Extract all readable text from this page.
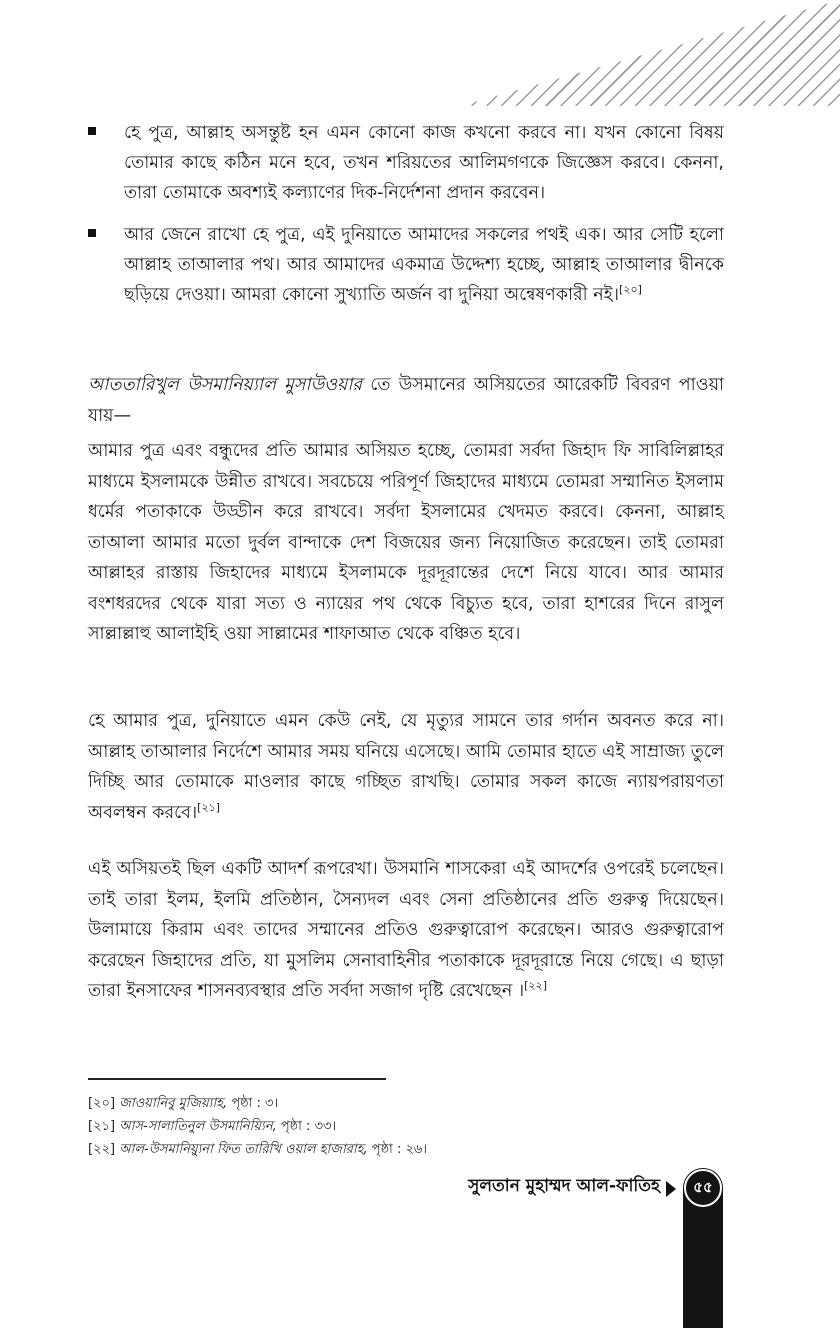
হে পুত্র, আল্লাহ অসন্তুষ্ট হন এমন কোনো কাজ কখনো করবে না। যখন কোনো বিষয় তোমার কাছে কঠিন মনে হবে, তখন শরিয়তের আলিমগণকে জিজ্ঞেস করবে। কেননা, তারা তোমাকে অবশ্যই কল্যাণের দিক-নির্দেশনা প্রদান করবেন।
আর জেনে রাখো হে পুত্র, এই দুনিয়াতে আমাদের সকলের পথই এক। আর সেটি হলো আল্লাহ তাআলার পথ। আর আমাদের একমাত্র উদ্দেশ্য হচ্ছে, আল্লাহ তাআলার দ্বীনকে ছড়িয়ে দেওয়া। আমরা কোনো সুখ্যাতি অর্জন বা দুনিয়া অন্বেষণকারী নই।[২০]
আততারিখুল উসমানিয়্যাল মুসাউওয়ার তে উসমানের অসিয়তের আরেকটি বিবরণ পাওয়া যায়—
আমার পুত্র এবং বন্ধুদের প্রতি আমার অসিয়ত হচ্ছে, তোমরা সর্বদা জিহাদ ফি সাবিলিল্লাহর মাধ্যমে ইসলামকে উন্নীত রাখবে। সবচেয়ে পরিপূর্ণ জিহাদের মাধ্যমে তোমরা সম্মানিত ইসলাম ধর্মের পতাকাকে উড্ডীন করে রাখবে। সর্বদা ইসলামের খেদমত করবে। কেননা, আল্লাহ তাআলা আমার মতো দুর্বল বান্দাকে দেশ বিজয়ের জন্য নিয়োজিত করেছেন। তাই তোমরা আল্লাহর রাস্তায় জিহাদের মাধ্যমে ইসলামকে দূরদূরান্তের দেশে নিয়ে যাবে। আর আমার বংশধরদের থেকে যারা সত্য ও ন্যায়ের পথ থেকে বিচ্যুত হবে, তারা হাশরের দিনে রাসুল সাল্লাল্লাহু আলাইহি ওয়া সাল্লামের শাফাআত থেকে বঞ্চিত হবে।
হে আমার পুত্র, দুনিয়াতে এমন কেউ নেই, যে মৃত্যুর সামনে তার গর্দান অবনত করে না। আল্লাহ তাআলার নির্দেশে আমার সময় ঘনিয়ে এসেছে। আমি তোমার হাতে এই সাম্রাজ্য তুলে দিচ্ছি আর তোমাকে মাওলার কাছে গচ্ছিত রাখছি। তোমার সকল কাজে ন্যায়পরায়ণতা অবলম্বন করবে।[২১]
এই অসিয়তই ছিল একটি আদর্শ রূপরেখা। উসমানি শাসকেরা এই আদর্শের ওপরেই চলেছেন। তাই তারা ইলম, ইলমি প্রতিষ্ঠান, সৈন্যদল এবং সেনা প্রতিষ্ঠানের প্রতি গুরুত্ব দিয়েছেন। উলামায়ে কিরাম এবং তাদের সম্মানের প্রতিও গুরুত্বারোপ করেছেন। আরও গুরুত্বারোপ করেছেন জিহাদের প্রতি, যা মুসলিম সেনাবাহিনীর পতাকাকে দূরদূরান্তে নিয়ে গেছে। এ ছাড়া তারা ইনসাফের শাসনব্যবস্থার প্রতি সর্বদা সজাগ দৃষ্টি রেখেছেন ।[২২]
[২০] জাওয়ানিবু মুজিয়্যাহ, পৃষ্ঠা : ৩।
[২১] আস-সালাতিনুল উসমানিয়্যিন, পৃষ্ঠা : ৩৩।
[২২] আল-উসমানিয়্যুনা ফিত তারিখি ওয়াল হাজারাহ, পৃষ্ঠা : ২৬।
সুলতান মুহাম্মদ আল-ফাতিহ	৫৫
